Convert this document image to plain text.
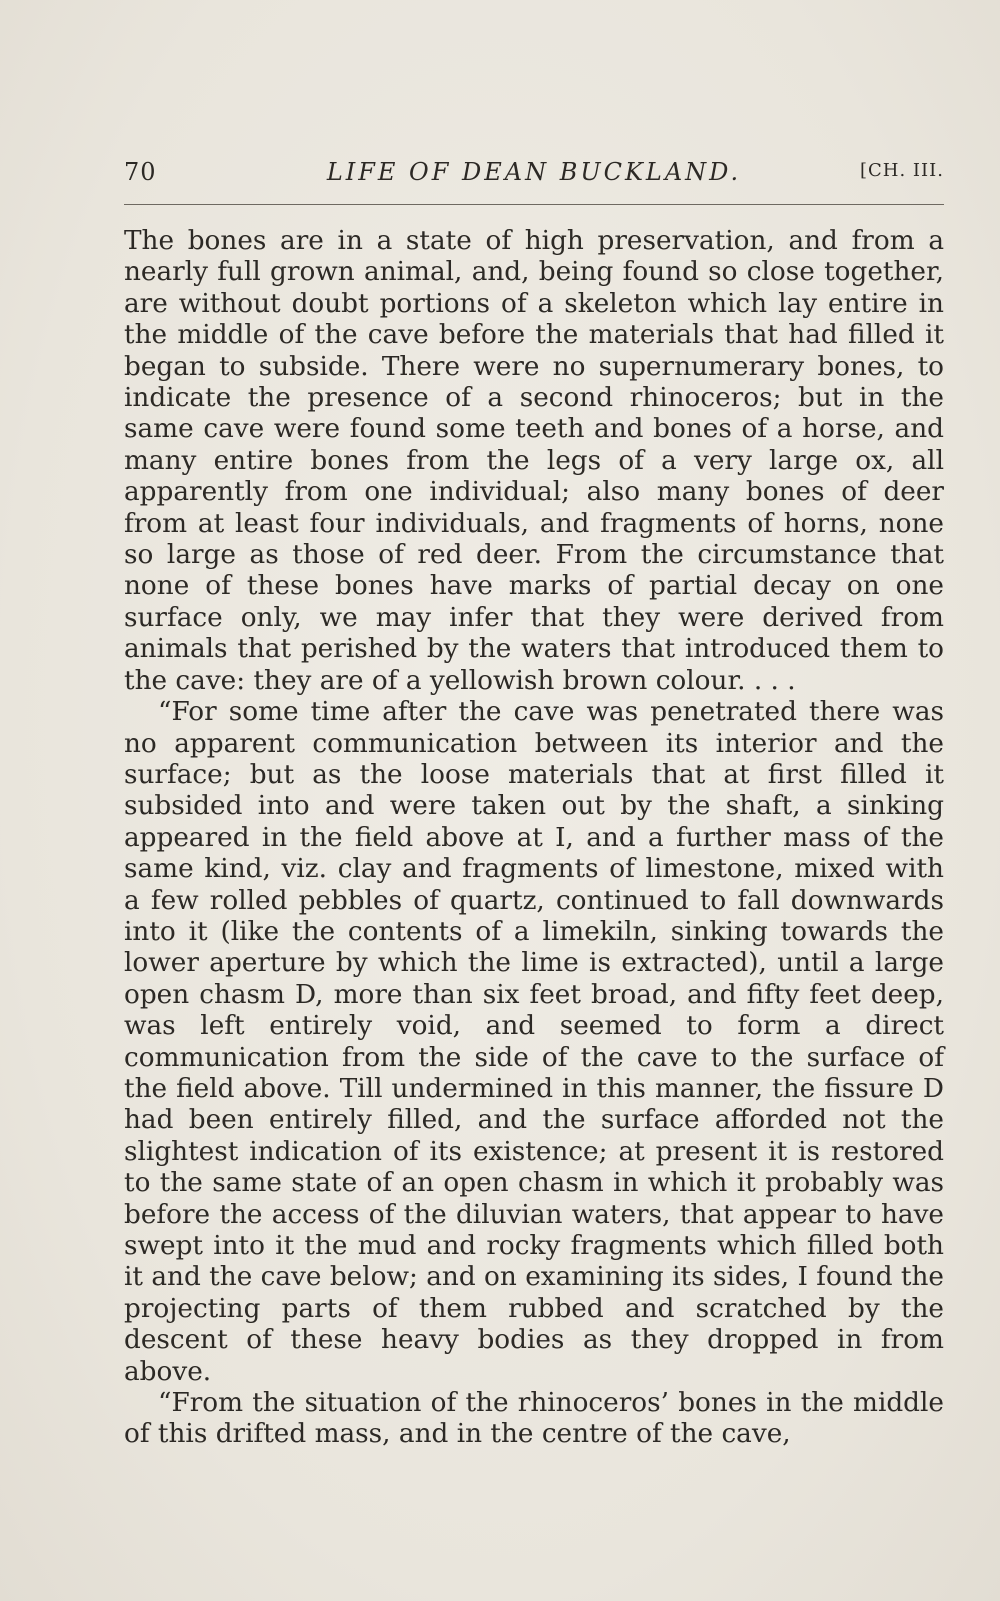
70	LIFE OF DEAN BUCKLAND.	[CH. III.

The bones are in a state of high preservation, and from a nearly full grown animal, and, being found so close together, are without doubt portions of a skeleton which lay entire in the middle of the cave before the materials that had filled it began to subside. There were no supernumerary bones, to indicate the presence of a second rhinoceros; but in the same cave were found some teeth and bones of a horse, and many entire bones from the legs of a very large ox, all apparently from one individual; also many bones of deer from at least four individuals, and fragments of horns, none so large as those of red deer. From the circumstance that none of these bones have marks of partial decay on one surface only, we may infer that they were derived from animals that perished by the waters that introduced them to the cave: they are of a yellowish brown colour. . . .

“For some time after the cave was penetrated there was no apparent communication between its interior and the surface; but as the loose materials that at first filled it subsided into and were taken out by the shaft, a sinking appeared in the field above at I, and a further mass of the same kind, viz. clay and fragments of limestone, mixed with a few rolled pebbles of quartz, continued to fall downwards into it (like the contents of a limekiln, sinking towards the lower aperture by which the lime is extracted), until a large open chasm D, more than six feet broad, and fifty feet deep, was left entirely void, and seemed to form a direct communication from the side of the cave to the surface of the field above. Till undermined in this manner, the fissure D had been entirely filled, and the surface afforded not the slightest indication of its existence; at present it is restored to the same state of an open chasm in which it probably was before the access of the diluvian waters, that appear to have swept into it the mud and rocky fragments which filled both it and the cave below; and on examining its sides, I found the projecting parts of them rubbed and scratched by the descent of these heavy bodies as they dropped in from above.

“From the situation of the rhinoceros’ bones in the middle of this drifted mass, and in the centre of the cave,
